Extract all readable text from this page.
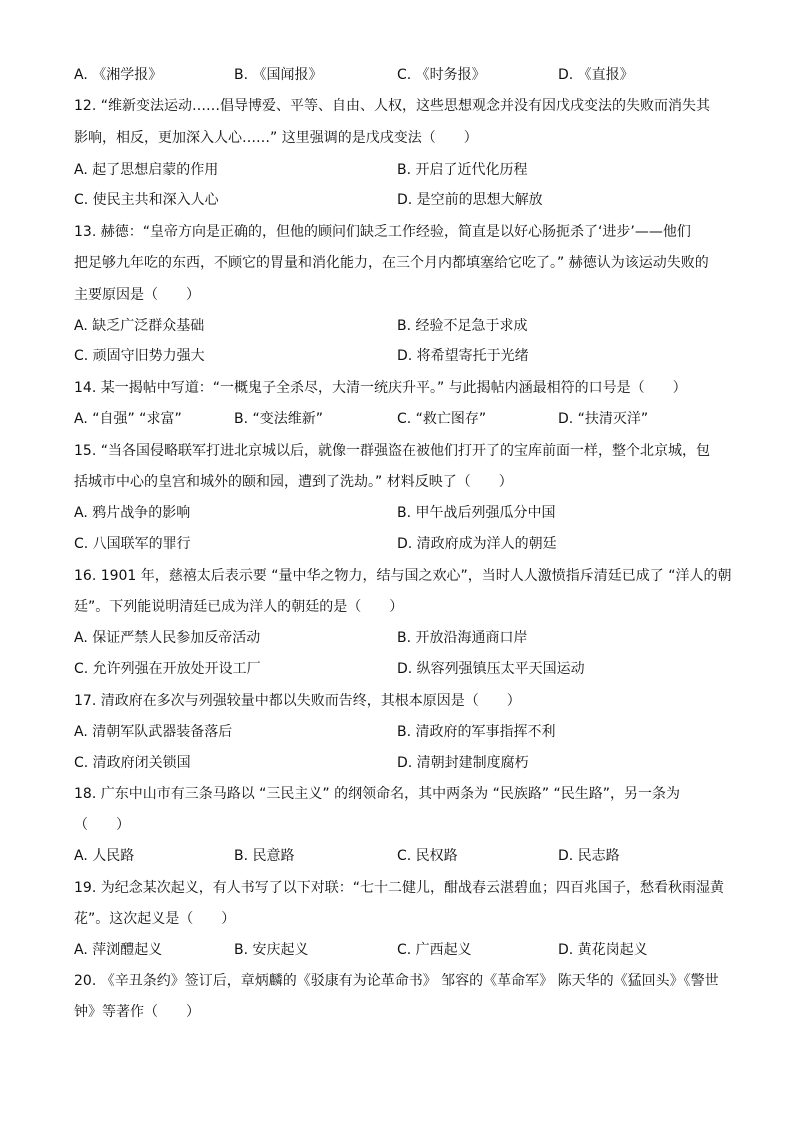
A. 《湘学报》	B. 《国闻报》	C. 《时务报》	D. 《直报》
12. “维新变法运动……倡导博爱、平等、自由、人权，这些思想观念并没有因戊戌变法的失败而消失其
影响，相反，更加深入人心……” 这里强调的是戊戌变法（　　）
A. 起了思想启蒙的作用	B. 开启了近代化历程
C. 使民主共和深入人心	D. 是空前的思想大解放
13. 赫德：“皇帝方向是正确的，但他的顾问们缺乏工作经验，简直是以好心肠扼杀了‘进步’——他们
把足够九年吃的东西，不顾它的胃量和消化能力，在三个月内都填塞给它吃了。” 赫德认为该运动失败的
主要原因是（　　）
A. 缺乏广泛群众基础	B. 经验不足急于求成
C. 顽固守旧势力强大	D. 将希望寄托于光绪
14. 某一揭帖中写道：“一概鬼子全杀尽，大清一统庆升平。” 与此揭帖内涵最相符的口号是（　　）
A. “自强” “求富”	B. “变法维新”	C. “救亡图存”	D. “扶清灭洋”
15. “当各国侵略联军打进北京城以后，就像一群强盗在被他们打开了的宝库前面一样，整个北京城，包
括城市中心的皇宫和城外的颐和园，遭到了洗劫。” 材料反映了（　　）
A. 鸦片战争的影响	B. 甲午战后列强瓜分中国
C. 八国联军的罪行	D. 清政府成为洋人的朝廷
16. 1901 年，慈禧太后表示要 “量中华之物力，结与国之欢心”，当时人人激愤指斥清廷已成了 “洋人的朝
廷”。下列能说明清廷已成为洋人的朝廷的是（　　）
A. 保证严禁人民参加反帝活动	B. 开放沿海通商口岸
C. 允许列强在开放处开设工厂	D. 纵容列强镇压太平天国运动
17. 清政府在多次与列强较量中都以失败而告终，其根本原因是（　　）
A. 清朝军队武器装备落后	B. 清政府的军事指挥不利
C. 清政府闭关锁国	D. 清朝封建制度腐朽
18. 广东中山市有三条马路以 “三民主义” 的纲领命名，其中两条为 “民族路” “民生路”，另一条为
（　　）
A. 人民路	B. 民意路	C. 民权路	D. 民志路
19. 为纪念某次起义，有人书写了以下对联：“七十二健儿，酣战春云湛碧血；四百兆国子，愁看秋雨湿黄
花”。这次起义是（　　）
A. 萍浏醴起义	B. 安庆起义	C. 广西起义	D. 黄花岗起义
20. 《辛丑条约》签订后，章炳麟的《驳康有为论革命书》 邹容的《革命军》 陈天华的《猛回头》《警世
钟》等著作（　　）
